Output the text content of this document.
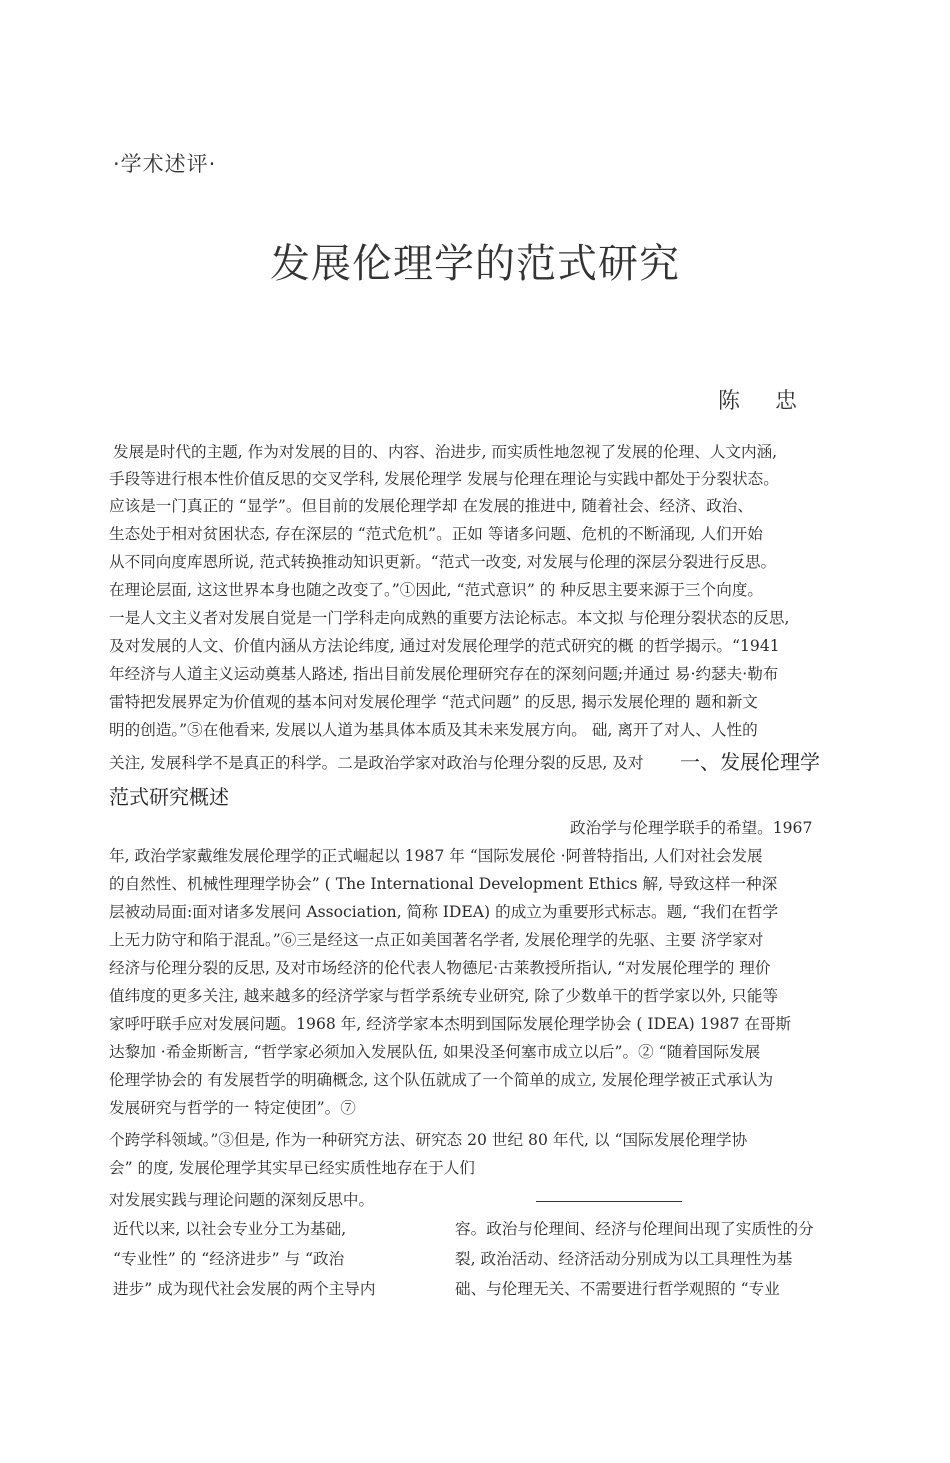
·学术述评·
发展伦理学的范式研究
陈 忠
发展是时代的主题, 作为对发展的目的、内容、治进步, 而实质性地忽视了发展的伦理、人文内涵,
手段等进行根本性价值反思的交叉学科, 发展伦理学 发展与伦理在理论与实践中都处于分裂状态。
应该是一门真正的 “显学”。但目前的发展伦理学却 在发展的推进中, 随着社会、经济、政治、
生态处于相对贫困状态, 存在深层的 “范式危机”。正如 等诸多问题、危机的不断涌现, 人们开始
从不同向度库恩所说, 范式转换推动知识更新。“范式一改变, 对发展与伦理的深层分裂进行反思。
在理论层面, 这这世界本身也随之改变了。”①因此, “范式意识” 的 种反思主要来源于三个向度。
一是人文主义者对发展自觉是一门学科走向成熟的重要方法论标志。本文拟 与伦理分裂状态的反思,
及对发展的人文、价值内涵从方法论纬度, 通过对发展伦理学的范式研究的概 的哲学揭示。“1941
年经济与人道主义运动奠基人路述, 指出目前发展伦理研究存在的深刻问题;并通过 易·约瑟夫·勒布
雷特把发展界定为价值观的基本问对发展伦理学 “范式问题” 的反思, 揭示发展伦理的 题和新文
明的创造。”⑤在他看来, 发展以人道为基具体本质及其未来发展方向。 础, 离开了对人、人性的
关注, 发展科学不是真正的科学。二是政治学家对政治与伦理分裂的反思, 及对 一、发展伦理学
范式研究概述
政治学与伦理学联手的希望。1967
年, 政治学家戴维发展伦理学的正式崛起以 1987 年 “国际发展伦 ·阿普特指出, 人们对社会发展
的自然性、机械性理理学协会” ( The International Development Ethics 解, 导致这样一种深
层被动局面:面对诸多发展问 Association, 简称 IDEA) 的成立为重要形式标志。题, “我们在哲学
上无力防守和陷于混乱。”⑥三是经这一点正如美国著名学者, 发展伦理学的先驱、主要 济学家对
经济与伦理分裂的反思, 及对市场经济的伦代表人物德尼·古莱教授所指认, “对发展伦理学的 理价
值纬度的更多关注, 越来越多的经济学家与哲学系统专业研究, 除了少数单干的哲学家以外, 只能等
家呼吁联手应对发展问题。1968 年, 经济学家本杰明到国际发展伦理学协会 ( IDEA) 1987 在哥斯
达黎加 ·希金斯断言, “哲学家必须加入发展队伍, 如果没圣何塞市成立以后”。② “随着国际发展
伦理学协会的 有发展哲学的明确概念, 这个队伍就成了一个简单的成立, 发展伦理学被正式承认为
发展研究与哲学的一 特定使团”。⑦
个跨学科领域。”③但是, 作为一种研究方法、研究态 20 世纪 80 年代, 以 “国际发展伦理学协
会” 的度, 发展伦理学其实早已经实质性地存在于人们
对发展实践与理论问题的深刻反思中。
近代以来, 以社会专业分工为基础,
“专业性” 的 “经济进步” 与 “政治
进步” 成为现代社会发展的两个主导内
容。政治与伦理间、经济与伦理间出现了实质性的分
裂, 政治活动、经济活动分别成为以工具理性为基
础、与伦理无关、不需要进行哲学观照的 “专业
